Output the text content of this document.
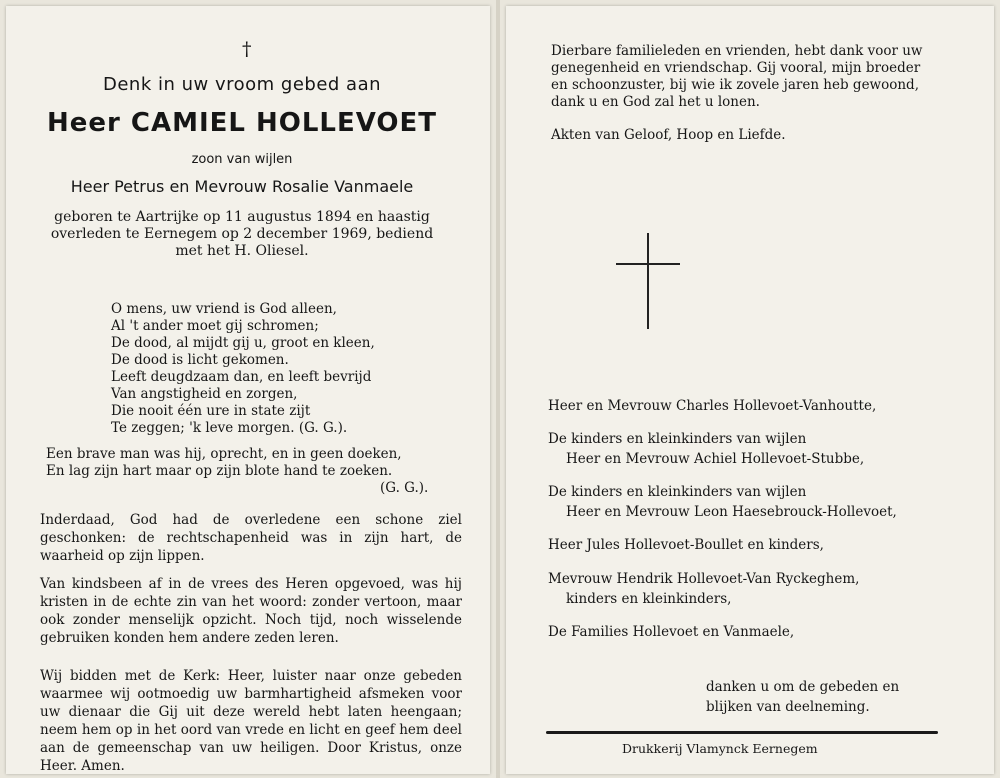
†
Denk in uw vroom gebed aan
Heer CAMIEL HOLLEVOET
zoon van wijlen
Heer Petrus en Mevrouw Rosalie Vanmaele
geboren te Aartrijke op 11 augustus 1894 en haastig
overleden te Eernegem op 2 december 1969, bediend
met het H. Oliesel.
O mens, uw vriend is God alleen,
Al 't ander moet gij schromen;
De dood, al mijdt gij u, groot en kleen,
De dood is licht gekomen.
Leeft deugdzaam dan, en leeft bevrijd
Van angstigheid en zorgen,
Die nooit één ure in state zijt
Te zeggen; 'k leve morgen. (G. G.).
Een brave man was hij, oprecht, en in geen doeken,
En lag zijn hart maar op zijn blote hand te zoeken.
(G. G.).
Inderdaad, God had de overledene een schone ziel geschonken: de rechtschapenheid was in zijn hart, de waarheid op zijn lippen.
Van kindsbeen af in de vrees des Heren opgevoed, was hij kristen in de echte zin van het woord: zonder vertoon, maar ook zonder menselijk opzicht. Noch tijd, noch wisselende gebruiken konden hem andere zeden leren.
Wij bidden met de Kerk: Heer, luister naar onze gebeden waarmee wij ootmoedig uw barmhartigheid afsmeken voor uw dienaar die Gij uit deze wereld hebt laten heengaan; neem hem op in het oord van vrede en licht en geef hem deel aan de gemeenschap van uw heiligen. Door Kristus, onze Heer. Amen.
Dierbare familieleden en vrienden, hebt dank voor uw
genegenheid en vriendschap. Gij vooral, mijn broeder
en schoonzuster, bij wie ik zovele jaren heb gewoond,
dank u en God zal het u lonen.
Akten van Geloof, Hoop en Liefde.
Heer en Mevrouw Charles Hollevoet-Vanhoutte,
De kinders en kleinkinders van wijlen
Heer en Mevrouw Achiel Hollevoet-Stubbe,
De kinders en kleinkinders van wijlen
Heer en Mevrouw Leon Haesebrouck-Hollevoet,
Heer Jules Hollevoet-Boullet en kinders,
Mevrouw Hendrik Hollevoet-Van Ryckeghem,
kinders en kleinkinders,
De Families Hollevoet en Vanmaele,
danken u om de gebeden en
blijken van deelneming.
Drukkerij Vlamynck Eernegem
